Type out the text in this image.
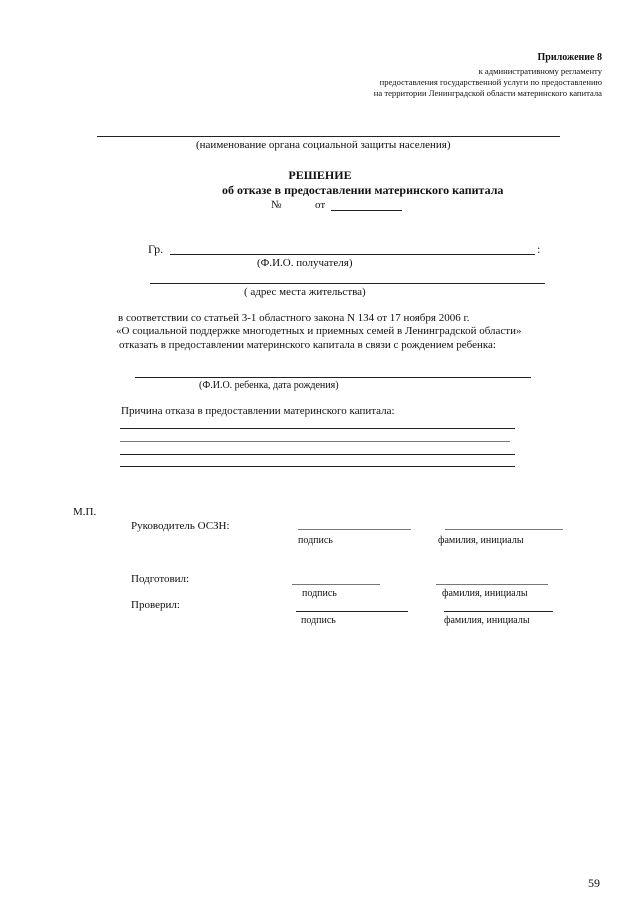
Приложение 8
к административному регламенту
предоставления государственной услуги по предоставлению
на территории Ленинградской области материнского капитала
(наименование органа социальной защиты населения)
РЕШЕНИЕ
об отказе в предоставлении материнского капитала
№	от
Гр.	:
(Ф.И.О. получателя)
( адрес места жительства)
в соответствии со статьей 3-1 областного закона N 134 от 17 ноября 2006 г.
«О социальной поддержке многодетных и приемных семей в Ленинградской области»
отказать в предоставлении материнского капитала в связи с рождением ребенка:
(Ф.И.О. ребенка, дата рождения)
Причина отказа в предоставлении материнского капитала:
М.П.
Руководитель ОСЗН:
подпись	фамилия, инициалы
Подготовил:
подпись	фамилия, инициалы
Проверил:
подпись	фамилия, инициалы
59
